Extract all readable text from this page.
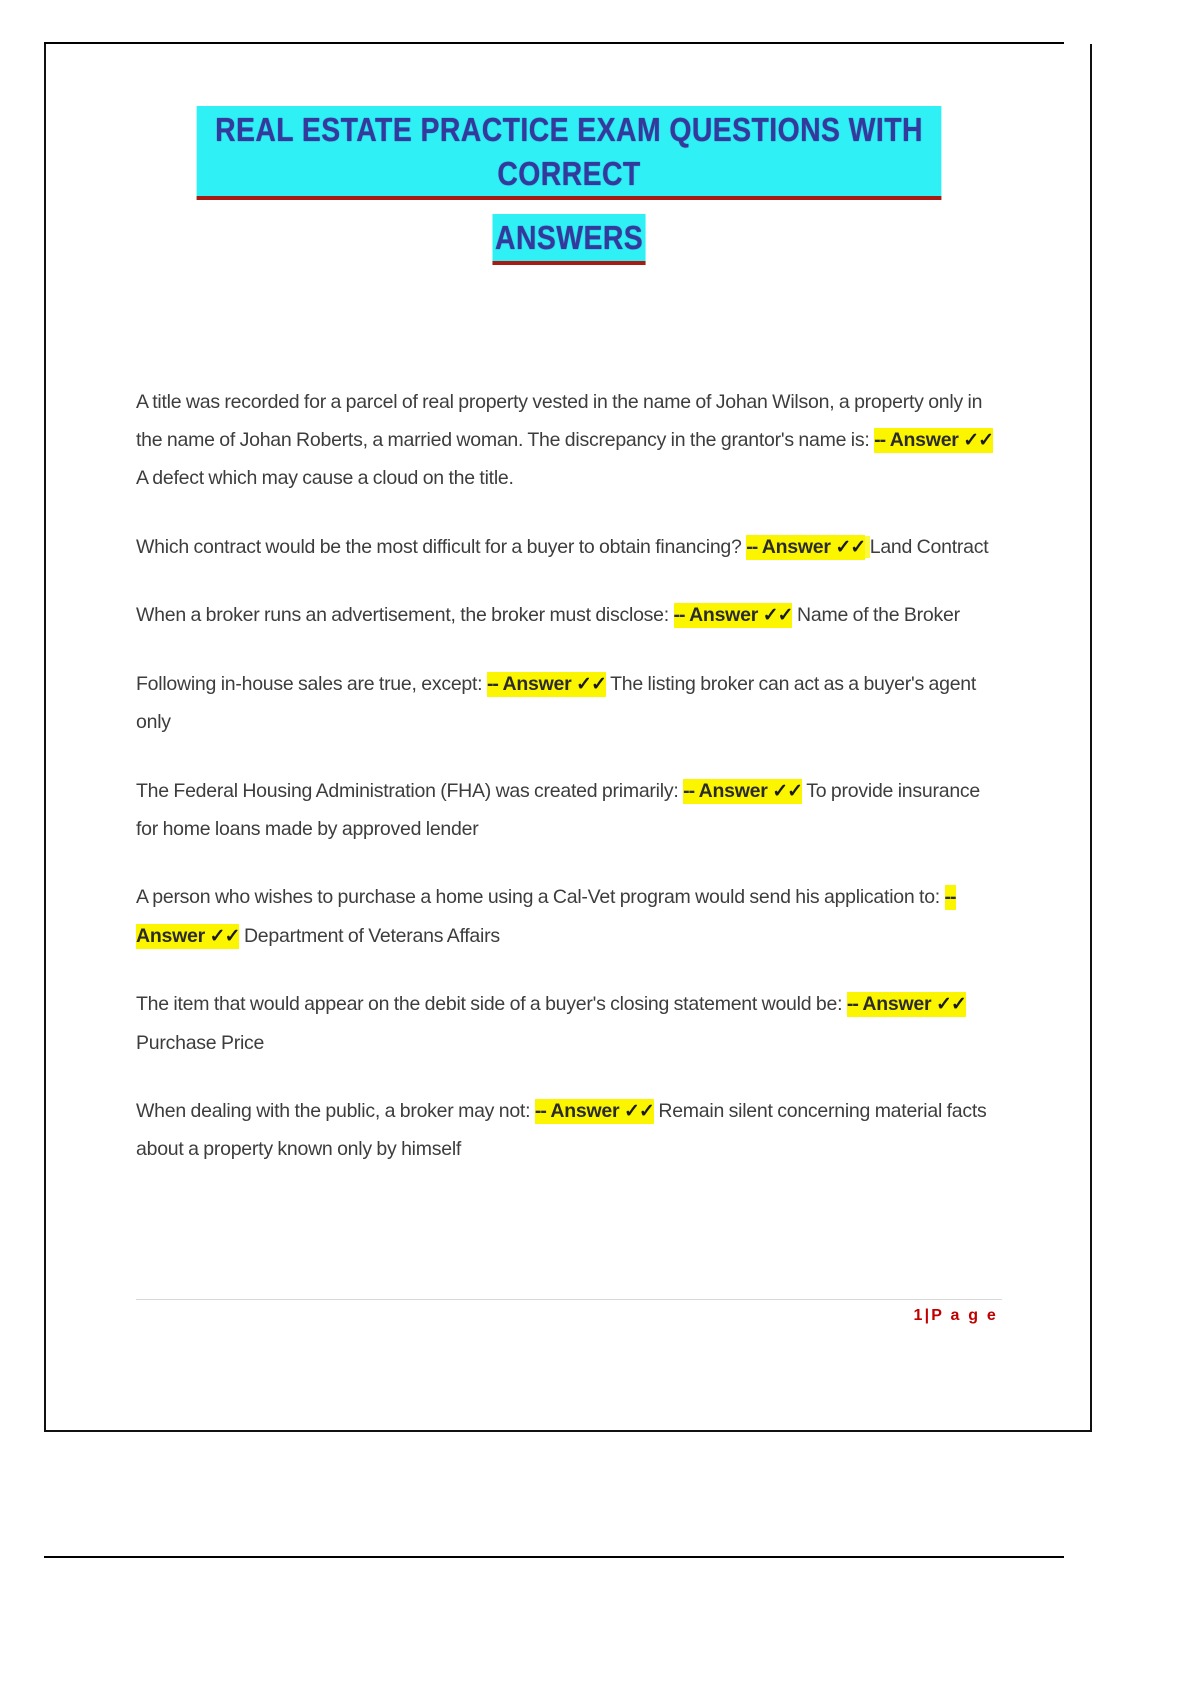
REAL ESTATE PRACTICE EXAM QUESTIONS WITH CORRECT
ANSWERS

A title was recorded for a parcel of real property vested in the name of Johan Wilson, a property only in the name of Johan Roberts, a married woman. The discrepancy in the grantor's name is: -- Answer ✓✓ A defect which may cause a cloud on the title.

Which contract would be the most difficult for a buyer to obtain financing? -- Answer ✓✓ Land Contract

When a broker runs an advertisement, the broker must disclose: -- Answer ✓✓ Name of the Broker

Following in-house sales are true, except: -- Answer ✓✓ The listing broker can act as a buyer's agent only

The Federal Housing Administration (FHA) was created primarily: -- Answer ✓✓ To provide insurance for home loans made by approved lender

A person who wishes to purchase a home using a Cal-Vet program would send his application to: -- Answer ✓✓ Department of Veterans Affairs

The item that would appear on the debit side of a buyer's closing statement would be: -- Answer ✓✓ Purchase Price

When dealing with the public, a broker may not: -- Answer ✓✓ Remain silent concerning material facts about a property known only by himself

1|P a g e
